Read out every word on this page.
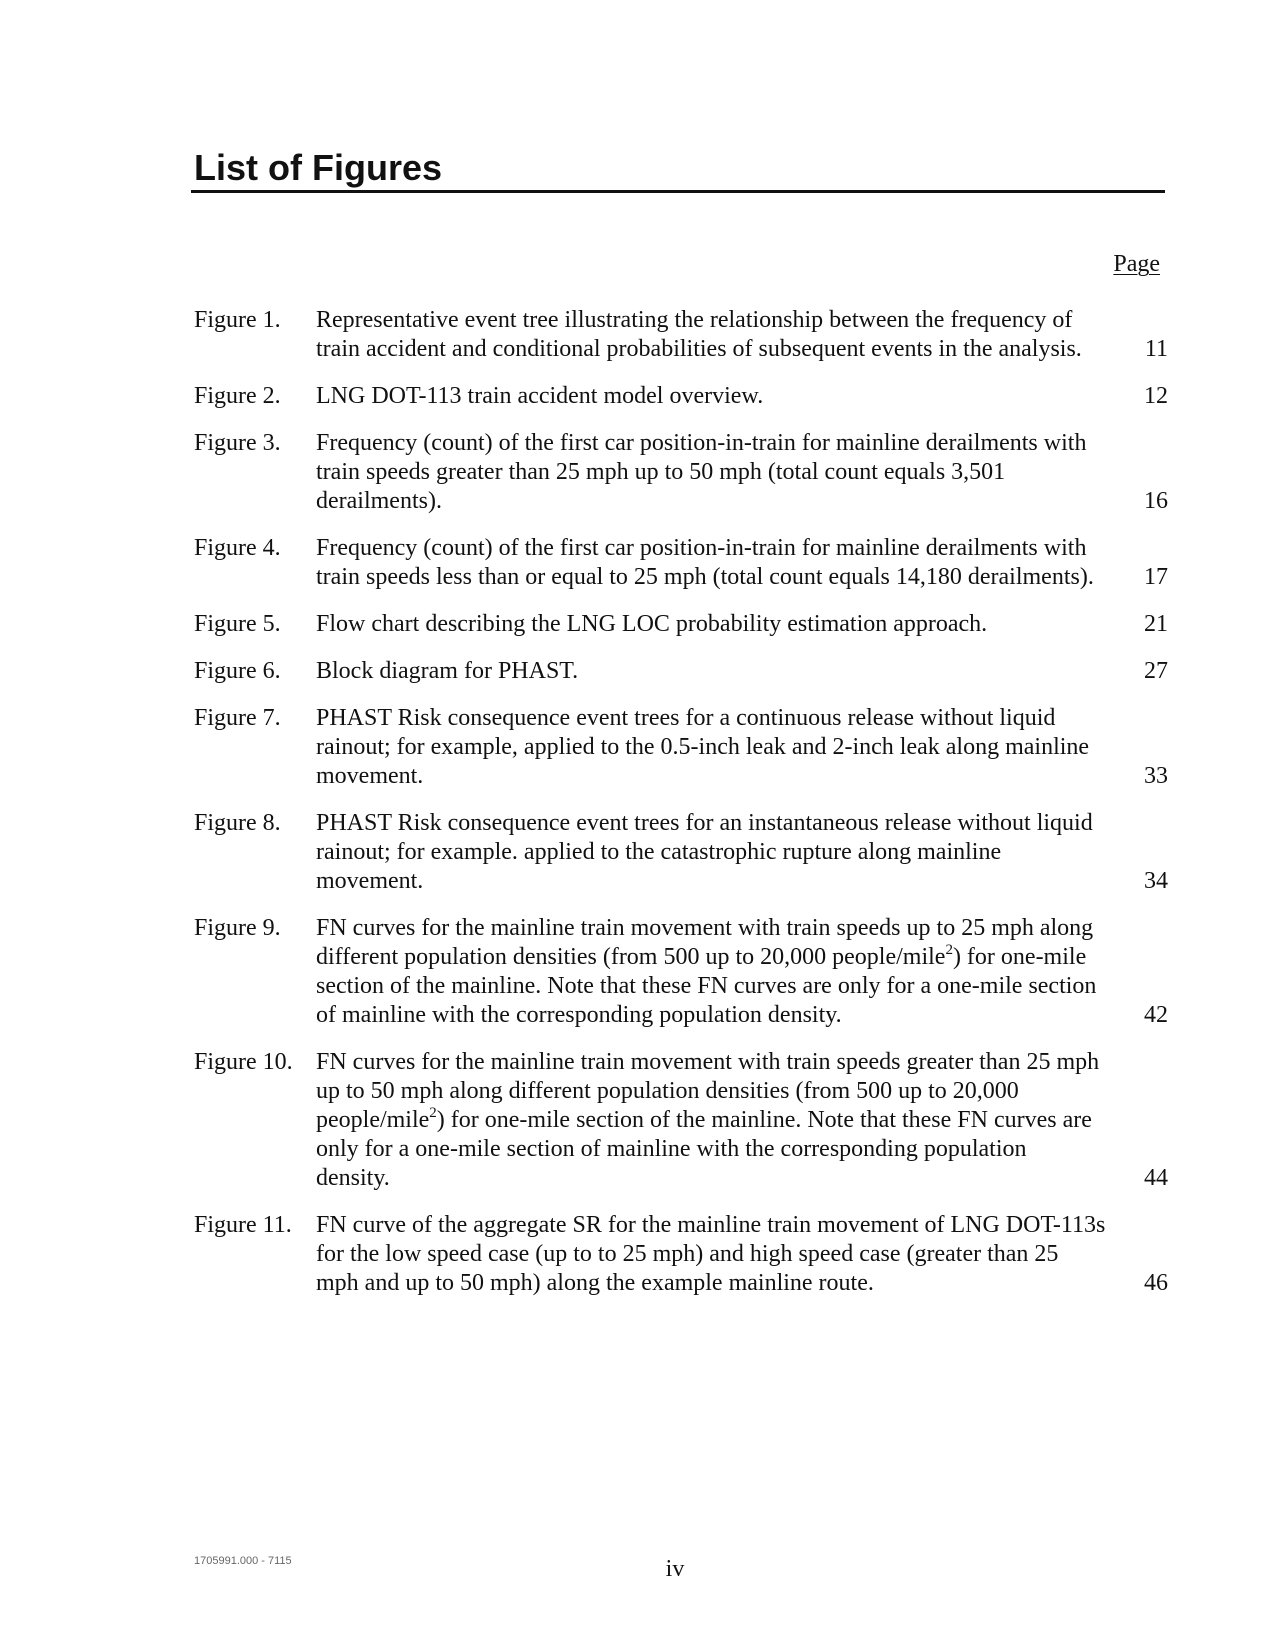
List of Figures
Page
Figure 1.	Representative event tree illustrating the relationship between the frequency of train accident and conditional probabilities of subsequent events in the analysis.	11
Figure 2.	LNG DOT-113 train accident model overview.	12
Figure 3.	Frequency (count) of the first car position-in-train for mainline derailments with train speeds greater than 25 mph up to 50 mph (total count equals 3,501 derailments).	16
Figure 4.	Frequency (count) of the first car position-in-train for mainline derailments with train speeds less than or equal to 25 mph (total count equals 14,180 derailments).	17
Figure 5.	Flow chart describing the LNG LOC probability estimation approach.	21
Figure 6.	Block diagram for PHAST.	27
Figure 7.	PHAST Risk consequence event trees for a continuous release without liquid rainout; for example, applied to the 0.5-inch leak and 2-inch leak along mainline movement.	33
Figure 8.	PHAST Risk consequence event trees for an instantaneous release without liquid rainout; for example. applied to the catastrophic rupture along mainline movement.	34
Figure 9.	FN curves for the mainline train movement with train speeds up to 25 mph along different population densities (from 500 up to 20,000 people/mile$^2$) for one-mile section of the mainline. Note that these FN curves are only for a one-mile section of mainline with the corresponding population density.	42
Figure 10. FN curves for the mainline train movement with train speeds greater than 25 mph up to 50 mph along different population densities (from 500 up to 20,000 people/mile$^2$) for one-mile section of the mainline. Note that these FN curves are only for a one-mile section of mainline with the corresponding population density.	44
Figure 11.	FN curve of the aggregate SR for the mainline train movement of LNG DOT-113s for the low speed case (up to to 25 mph) and high speed case (greater than 25 mph and up to 50 mph) along the example mainline route.	46
1705991.000 - 7115	iv
